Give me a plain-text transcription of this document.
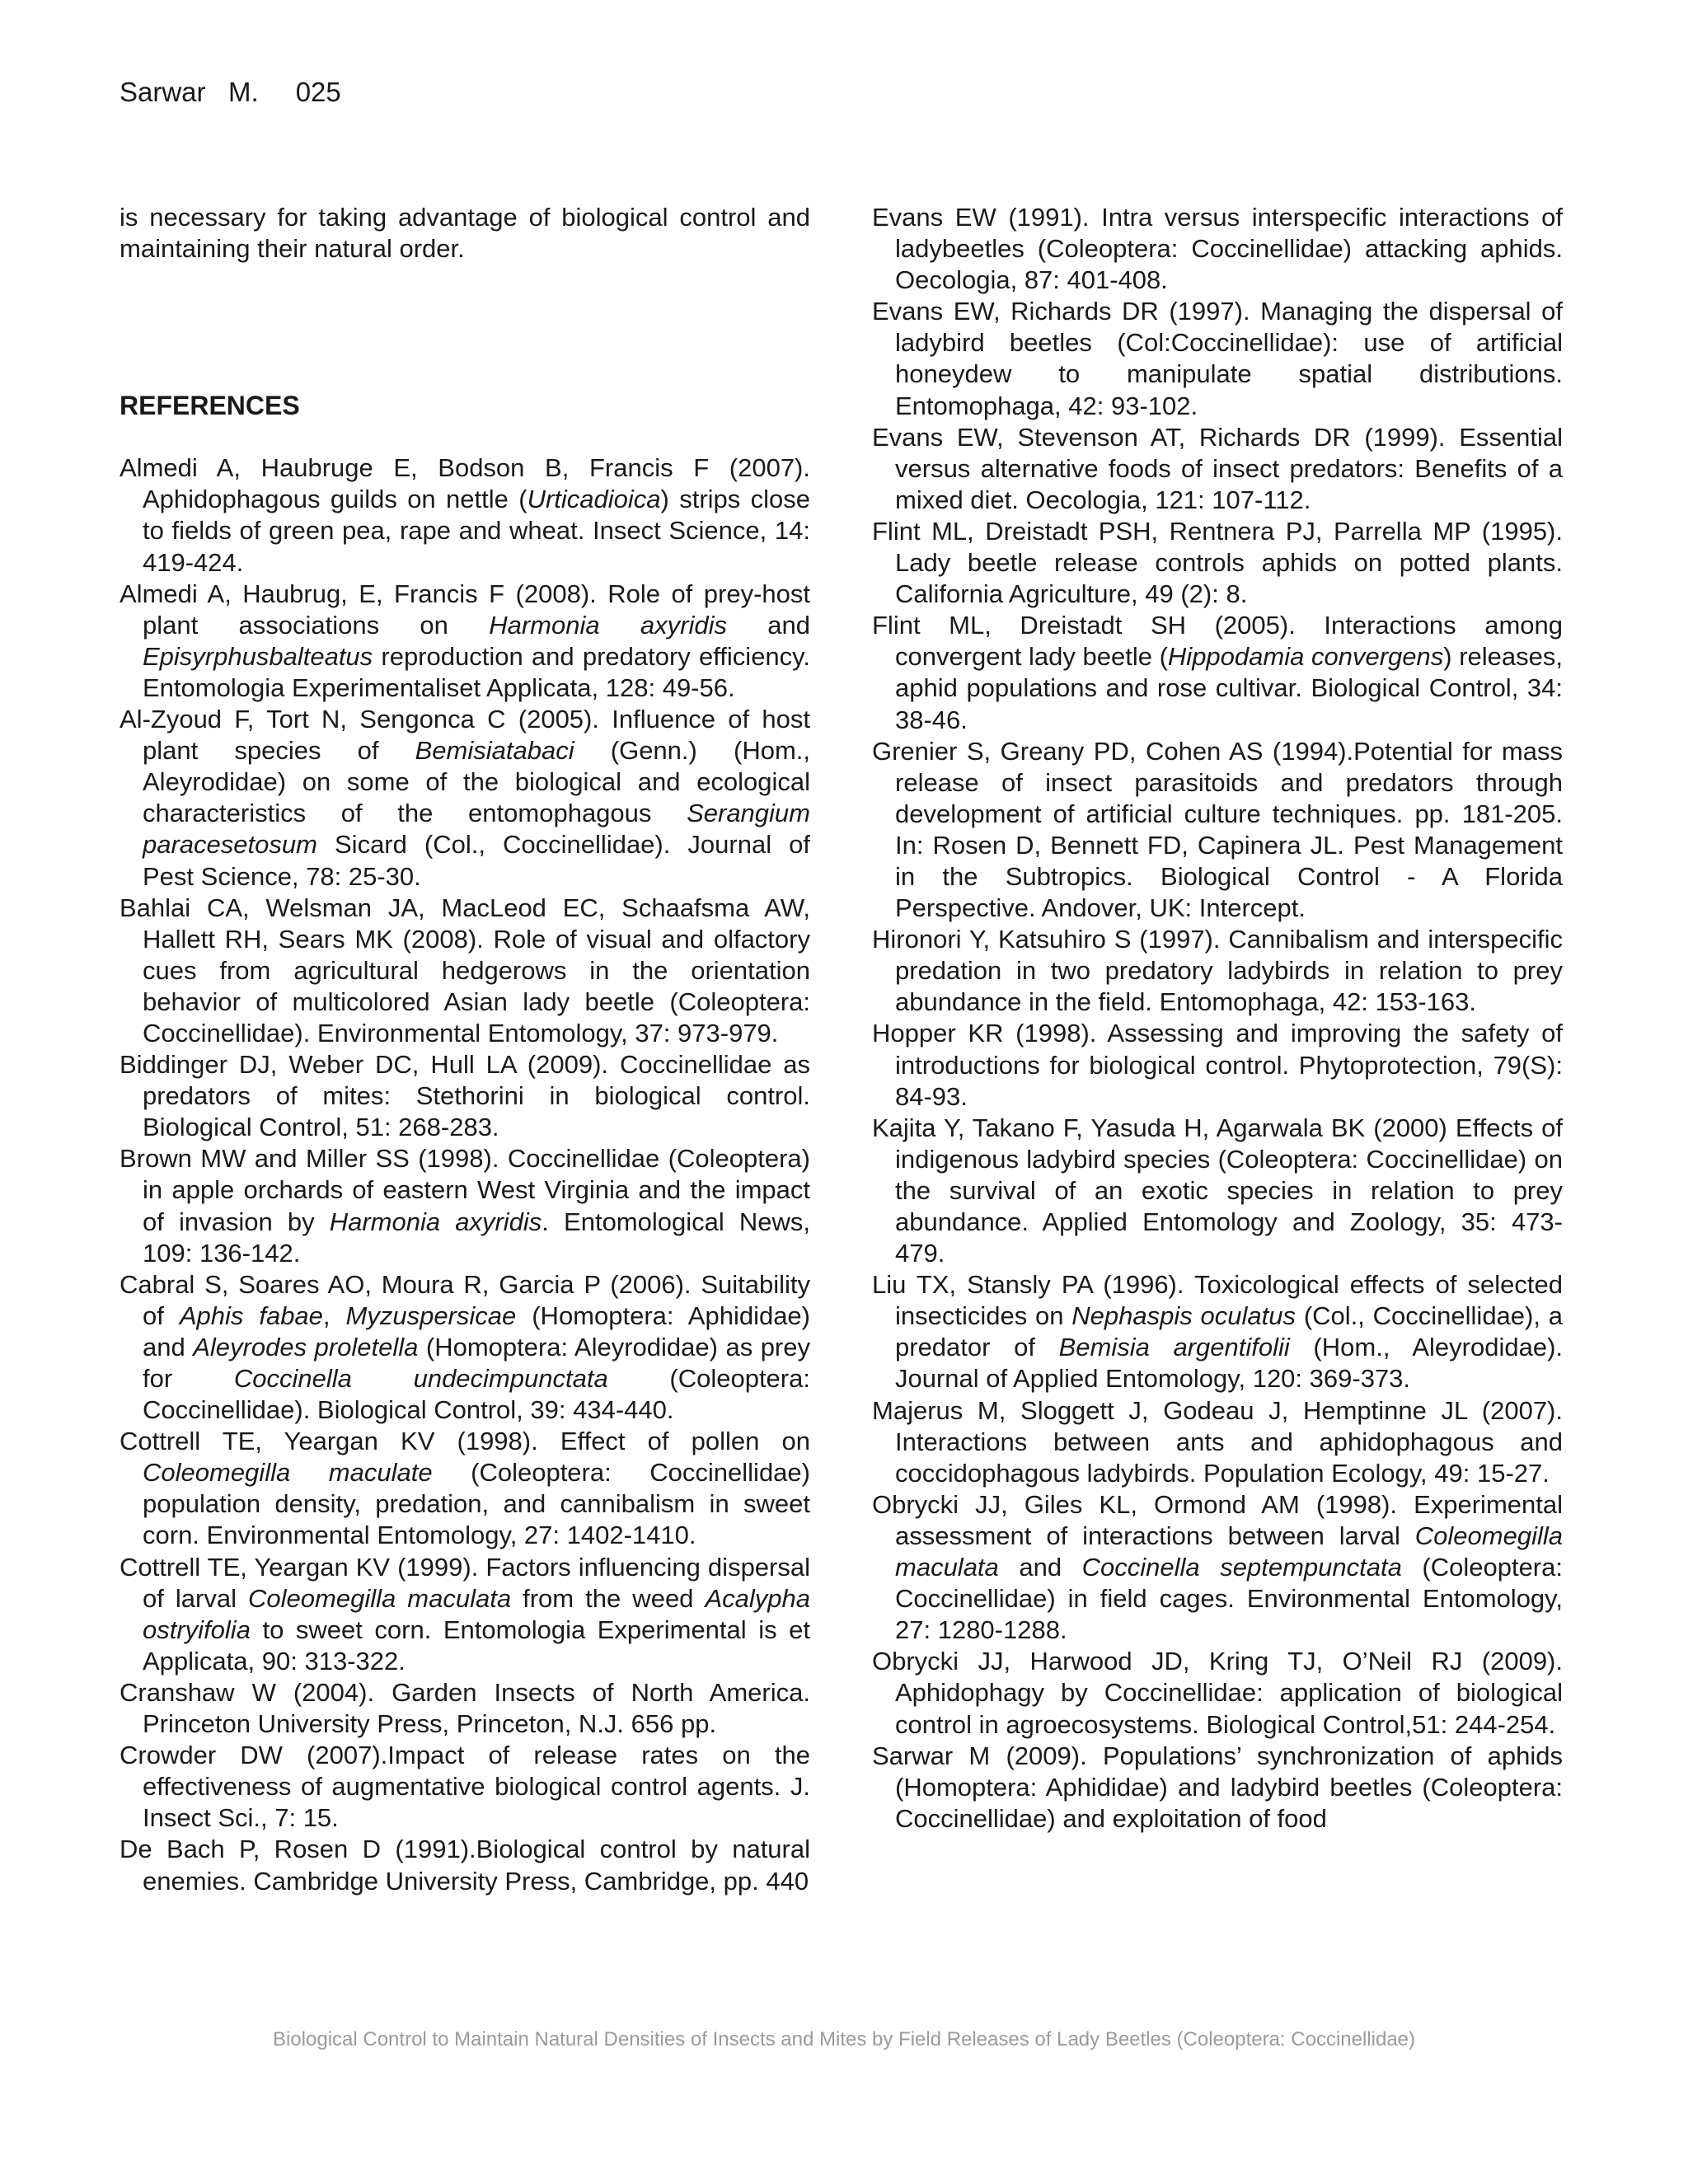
Sarwar   M. 025

is necessary for taking advantage of biological control and maintaining their natural order.

REFERENCES

Almedi A, Haubruge E, Bodson B, Francis F (2007). Aphidophagous guilds on nettle (Urticadioica) strips close to fields of green pea, rape and wheat. Insect Science, 14: 419-424.

Almedi A, Haubrug, E, Francis F (2008). Role of prey-host plant associations on Harmonia axyridis and Episyrphusbalteatus reproduction and predatory efficiency. Entomologia Experimentaliset Applicata, 128: 49-56.

Al-Zyoud F, Tort N, Sengonca C (2005). Influence of host plant species of Bemisiatabaci (Genn.) (Hom., Aleyrodidae) on some of the biological and ecological characteristics of the entomophagous Serangium paracesetosum Sicard (Col., Coccinellidae). Journal of Pest Science, 78: 25-30.

Bahlai CA, Welsman JA, MacLeod EC, Schaafsma AW, Hallett RH, Sears MK (2008). Role of visual and olfactory cues from agricultural hedgerows in the orientation behavior of multicolored Asian lady beetle (Coleoptera: Coccinellidae). Environmental Entomology, 37: 973-979.

Biddinger DJ, Weber DC, Hull LA (2009). Coccinellidae as predators of mites: Stethorini in biological control. Biological Control, 51: 268-283.

Brown MW and Miller SS (1998). Coccinellidae (Coleoptera) in apple orchards of eastern West Virginia and the impact of invasion by Harmonia axyridis. Entomological News, 109: 136-142.

Cabral S, Soares AO, Moura R, Garcia P (2006). Suitability of Aphis fabae, Myzuspersicae (Homoptera: Aphididae) and Aleyrodes proletella (Homoptera: Aleyrodidae) as prey for Coccinella undecimpunctata (Coleoptera: Coccinellidae). Biological Control, 39: 434-440.

Cottrell TE, Yeargan KV (1998). Effect of pollen on Coleomegilla maculate (Coleoptera: Coccinellidae) population density, predation, and cannibalism in sweet corn. Environmental Entomology, 27: 1402-1410.

Cottrell TE, Yeargan KV (1999). Factors influencing dispersal of larval Coleomegilla maculata from the weed Acalypha ostryifolia to sweet corn. Entomologia Experimental is et Applicata, 90: 313-322.

Cranshaw W (2004). Garden Insects of North America. Princeton University Press, Princeton, N.J. 656 pp.

Crowder DW (2007).Impact of release rates on the effectiveness of augmentative biological control agents. J. Insect Sci., 7: 15.

De Bach P, Rosen D (1991).Biological control by natural enemies. Cambridge University Press, Cambridge, pp. 440

Evans EW (1991). Intra versus interspecific interactions of ladybeetles (Coleoptera: Coccinellidae) attacking aphids. Oecologia, 87: 401-408.

Evans EW, Richards DR (1997). Managing the dispersal of ladybird beetles (Col:Coccinellidae): use of artificial honeydew to manipulate spatial distributions. Entomophaga, 42: 93-102.

Evans EW, Stevenson AT, Richards DR (1999). Essential versus alternative foods of insect predators: Benefits of a mixed diet. Oecologia, 121: 107-112.

Flint ML, Dreistadt PSH, Rentnera PJ, Parrella MP (1995). Lady beetle release controls aphids on potted plants. California Agriculture, 49 (2): 8.

Flint ML, Dreistadt SH (2005). Interactions among convergent lady beetle (Hippodamia convergens) releases, aphid populations and rose cultivar. Biological Control, 34: 38-46.

Grenier S, Greany PD, Cohen AS (1994).Potential for mass release of insect parasitoids and predators through development of artificial culture techniques. pp. 181-205. In: Rosen D, Bennett FD, Capinera JL. Pest Management in the Subtropics. Biological Control - A Florida Perspective. Andover, UK: Intercept.

Hironori Y, Katsuhiro S (1997). Cannibalism and interspecific predation in two predatory ladybirds in relation to prey abundance in the field. Entomophaga, 42: 153-163.

Hopper KR (1998). Assessing and improving the safety of introductions for biological control. Phytoprotection, 79(S): 84-93.

Kajita Y, Takano F, Yasuda H, Agarwala BK (2000) Effects of indigenous ladybird species (Coleoptera: Coccinellidae) on the survival of an exotic species in relation to prey abundance. Applied Entomology and Zoology, 35: 473-479.

Liu TX, Stansly PA (1996). Toxicological effects of selected insecticides on Nephaspis oculatus (Col., Coccinellidae), a predator of Bemisia argentifolii (Hom., Aleyrodidae). Journal of Applied Entomology, 120: 369-373.

Majerus M, Sloggett J, Godeau J, Hemptinne JL (2007). Interactions between ants and aphidophagous and coccidophagous ladybirds. Population Ecology, 49: 15-27.

Obrycki JJ, Giles KL, Ormond AM (1998). Experimental assessment of interactions between larval Coleomegilla maculata and Coccinella septempunctata (Coleoptera: Coccinellidae) in field cages. Environmental Entomology, 27: 1280-1288.

Obrycki JJ, Harwood JD, Kring TJ, O’Neil RJ (2009). Aphidophagy by Coccinellidae: application of biological control in agroecosystems. Biological Control,51: 244-254.

Sarwar M (2009). Populations’ synchronization of aphids (Homoptera: Aphididae) and ladybird beetles (Coleoptera: Coccinellidae) and exploitation of food

Biological Control to Maintain Natural Densities of Insects and Mites by Field Releases of Lady Beetles (Coleoptera: Coccinellidae)
